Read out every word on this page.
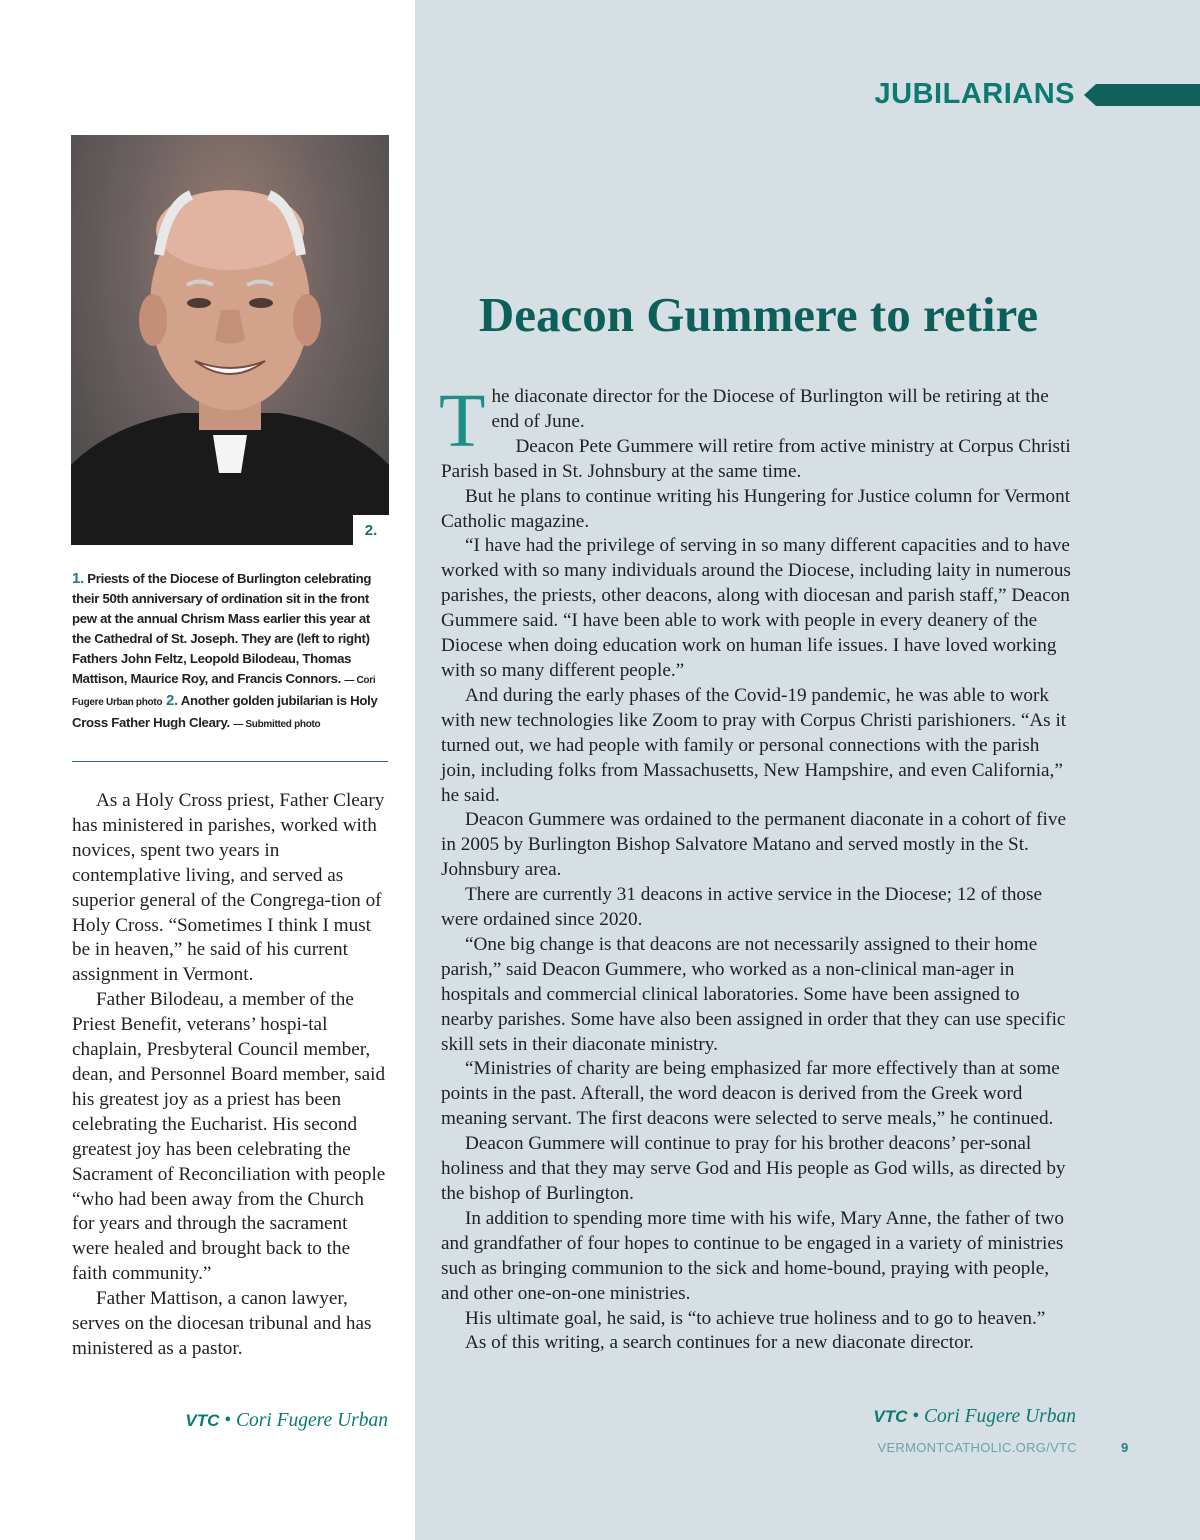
JUBILARIANS
2.
1. Priests of the Diocese of Burlington celebrating their 50th anniversary of ordination sit in the front pew at the annual Chrism Mass earlier this year at the Cathedral of St. Joseph. They are (left to right) Fathers John Feltz, Leopold Bilodeau, Thomas Mattison, Maurice Roy, and Francis Connors. — Cori Fugere Urban photo 2. Another golden jubilarian is Holy Cross Father Hugh Cleary. — Submitted photo

As a Holy Cross priest, Father Cleary has ministered in parishes, worked with novices, spent two years in contemplative living, and served as superior general of the Congrega-tion of Holy Cross. “Sometimes I think I must be in heaven,” he said of his current assignment in Vermont.

Father Bilodeau, a member of the Priest Benefit, veterans’ hospi-tal chaplain, Presbyteral Council member, dean, and Personnel Board member, said his greatest joy as a priest has been celebrating the Eucharist. His second greatest joy has been celebrating the Sacrament of Reconciliation with people “who had been away from the Church for years and through the sacrament were healed and brought back to the faith community.”

Father Mattison, a canon lawyer, serves on the diocesan tribunal and has ministered as a pastor.

VTC • Cori Fugere Urban
Deacon Gummere to retire

The diaconate director for the Diocese of Burlington will be retiring at the end of June.

Deacon Pete Gummere will retire from active ministry at Corpus Christi Parish based in St. Johnsbury at the same time.

But he plans to continue writing his Hungering for Justice column for Vermont Catholic magazine.

“I have had the privilege of serving in so many different capacities and to have worked with so many individuals around the Diocese, including laity in numerous parishes, the priests, other deacons, along with diocesan and parish staff,” Deacon Gummere said. “I have been able to work with people in every deanery of the Diocese when doing education work on human life issues. I have loved working with so many different people.”

And during the early phases of the Covid-19 pandemic, he was able to work with new technologies like Zoom to pray with Corpus Christi parishioners. “As it turned out, we had people with family or personal connections with the parish join, including folks from Massachusetts, New Hampshire, and even California,” he said.

Deacon Gummere was ordained to the permanent diaconate in a cohort of five in 2005 by Burlington Bishop Salvatore Matano and served mostly in the St. Johnsbury area.

There are currently 31 deacons in active service in the Diocese; 12 of those were ordained since 2020.

“One big change is that deacons are not necessarily assigned to their home parish,” said Deacon Gummere, who worked as a non-clinical man-ager in hospitals and commercial clinical laboratories. Some have been assigned to nearby parishes. Some have also been assigned in order that they can use specific skill sets in their diaconate ministry.

“Ministries of charity are being emphasized far more effectively than at some points in the past. Afterall, the word deacon is derived from the Greek word meaning servant. The first deacons were selected to serve meals,” he continued.

Deacon Gummere will continue to pray for his brother deacons’ per-sonal holiness and that they may serve God and His people as God wills, as directed by the bishop of Burlington.

In addition to spending more time with his wife, Mary Anne, the father of two and grandfather of four hopes to continue to be engaged in a variety of ministries such as bringing communion to the sick and home-bound, praying with people, and other one-on-one ministries.

His ultimate goal, he said, is “to achieve true holiness and to go to heaven.”

As of this writing, a search continues for a new diaconate director.

VTC • Cori Fugere Urban
VERMONTCATHOLIC.ORG/VTC	9
